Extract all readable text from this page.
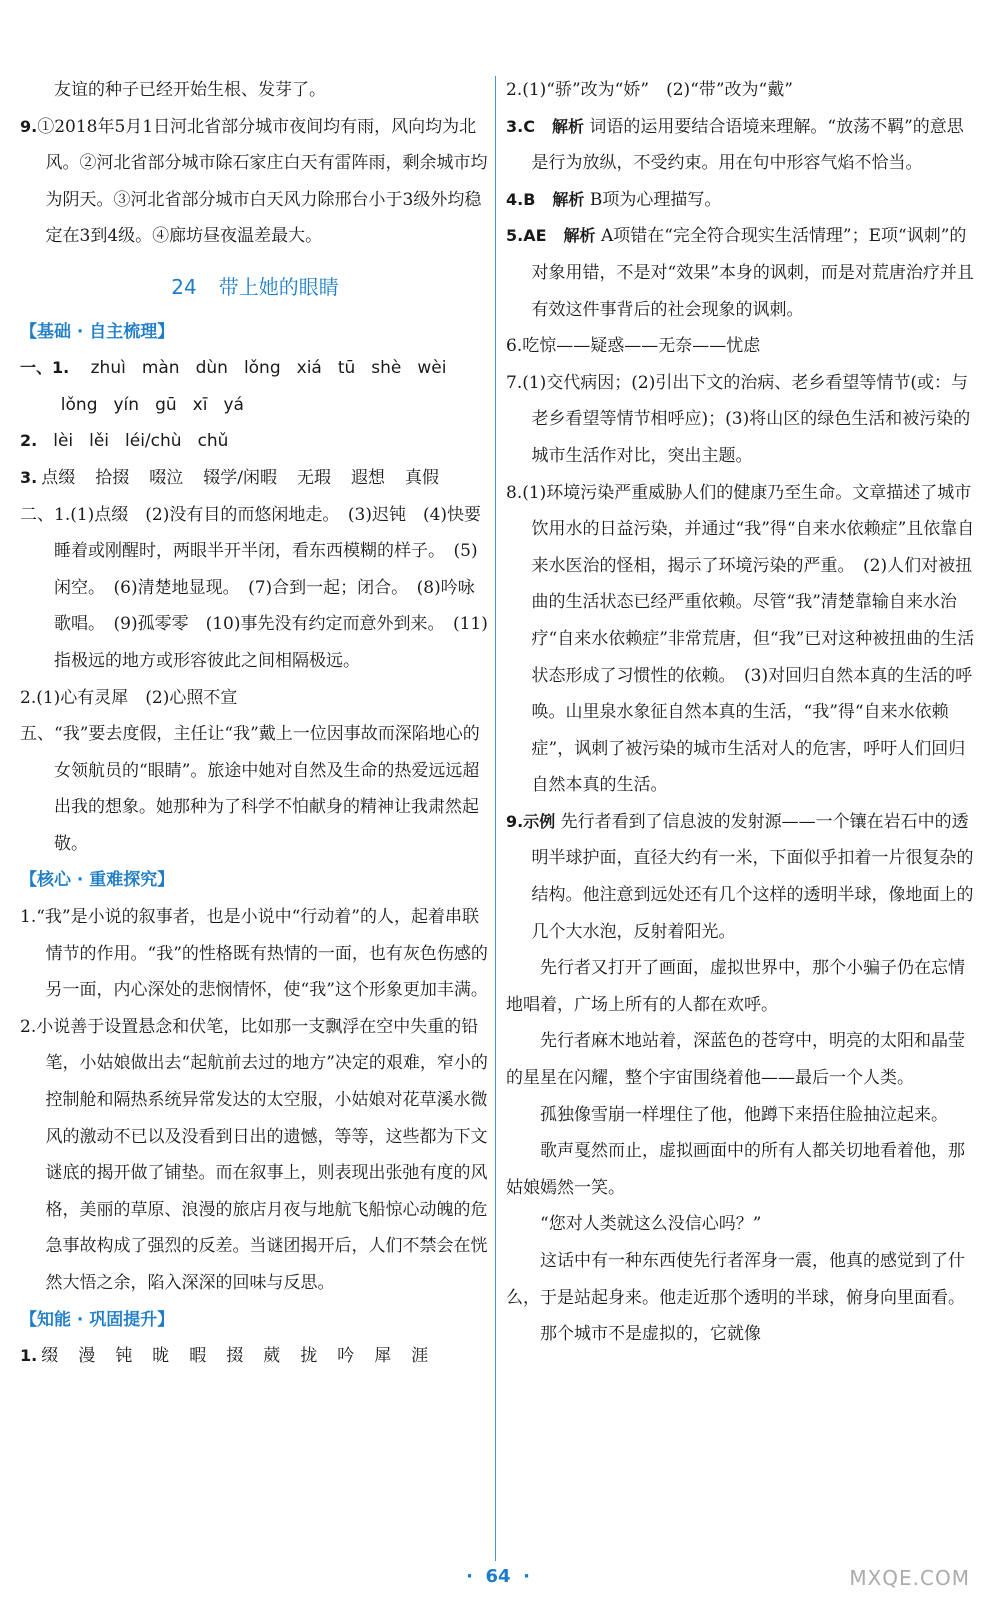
友谊的种子已经开始生根、发芽了。
9.①2018年5月1日河北省部分城市夜间均有雨，风向均为北风。②河北省部分城市除石家庄白天有雷阵雨，剩余城市均为阴天。③河北省部分城市白天风力除邢台小于3级外均稳定在3到4级。④廊坊昼夜温差最大。
24 带上她的眼睛
【基础 · 自主梳理】
一、1. zhuì màn dùn lǒng xiá tū shè wèi
lǒng yín gū xī yá
2. lèi lěi léi/chù chǔ
3. 点缀 拾掇 啜泣 辍学/闲暇 无瑕 遐想 真假
二、1.(1)点缀　(2)没有目的而悠闲地走。　(3)迟钝　(4)快要睡着或刚醒时，两眼半开半闭，看东西模糊的样子。　(5)闲空。　(6)清楚地显现。　(7)合到一起；闭合。　(8)吟咏歌唱。　(9)孤零零　(10)事先没有约定而意外到来。　(11)指极远的地方或形容彼此之间相隔极远。
2.(1)心有灵犀　(2)心照不宣
五、“我”要去度假，主任让“我”戴上一位因事故而深陷地心的女领航员的“眼睛”。旅途中她对自然及生命的热爱远远超出我的想象。她那种为了科学不怕献身的精神让我肃然起敬。
【核心 · 重难探究】
1.“我”是小说的叙事者，也是小说中“行动着”的人，起着串联情节的作用。“我”的性格既有热情的一面，也有灰色伤感的另一面，内心深处的悲悯情怀，使“我”这个形象更加丰满。
2.小说善于设置悬念和伏笔，比如那一支飘浮在空中失重的铅笔，小姑娘做出去“起航前去过的地方”决定的艰难，窄小的控制舱和隔热系统异常发达的太空服，小姑娘对花草溪水微风的激动不已以及没看到日出的遗憾，等等，这些都为下文谜底的揭开做了铺垫。而在叙事上，则表现出张弛有度的风格，美丽的草原、浪漫的旅店月夜与地航飞船惊心动魄的危急事故构成了强烈的反差。当谜团揭开后，人们不禁会在恍然大悟之余，陷入深深的回味与反思。
【知能 · 巩固提升】
1. 缀 漫 钝 昽 暇 掇 葳 拢 吟 犀 涯
2.(1)“骄”改为“娇”　(2)“带”改为“戴”
3.C　 解析 词语的运用要结合语境来理解。“放荡不羁”的意思是行为放纵，不受约束。用在句中形容气焰不恰当。
4.B　 解析 B项为心理描写。
5.AE　 解析 A项错在“完全符合现实生活情理”；E项“讽刺”的对象用错，不是对“效果”本身的讽刺，而是对荒唐治疗并且有效这件事背后的社会现象的讽刺。
6.吃惊——疑惑——无奈——忧虑
7.(1)交代病因；(2)引出下文的治病、老乡看望等情节(或：与老乡看望等情节相呼应)；(3)将山区的绿色生活和被污染的城市生活作对比，突出主题。
8.(1)环境污染严重威胁人们的健康乃至生命。文章描述了城市饮用水的日益污染，并通过“我”得“自来水依赖症”且依靠自来水医治的怪相，揭示了环境污染的严重。　(2)人们对被扭曲的生活状态已经严重依赖。尽管“我”清楚靠输自来水治疗“自来水依赖症”非常荒唐，但“我”已对这种被扭曲的生活状态形成了习惯性的依赖。　(3)对回归自然本真的生活的呼唤。山里泉水象征自然本真的生活，“我”得“自来水依赖症”，讽刺了被污染的城市生活对人的危害，呼吁人们回归自然本真的生活。
9.示例 先行者看到了信息波的发射源——一个镶在岩石中的透明半球护面，直径大约有一米，下面似乎扣着一片很复杂的结构。他注意到远处还有几个这样的透明半球，像地面上的几个大水泡，反射着阳光。
先行者又打开了画面，虚拟世界中，那个小骗子仍在忘情地唱着，广场上所有的人都在欢呼。
先行者麻木地站着，深蓝色的苍穹中，明亮的太阳和晶莹的星星在闪耀，整个宇宙围绕着他——最后一个人类。
孤独像雪崩一样埋住了他，他蹲下来捂住脸抽泣起来。
歌声戛然而止，虚拟画面中的所有人都关切地看着他，那姑娘嫣然一笑。
“您对人类就这么没信心吗？”
这话中有一种东西使先行者浑身一震，他真的感觉到了什么，于是站起身来。他走近那个透明的半球，俯身向里面看。
那个城市不是虚拟的，它就像
· 64 ·	MXQE.COM
